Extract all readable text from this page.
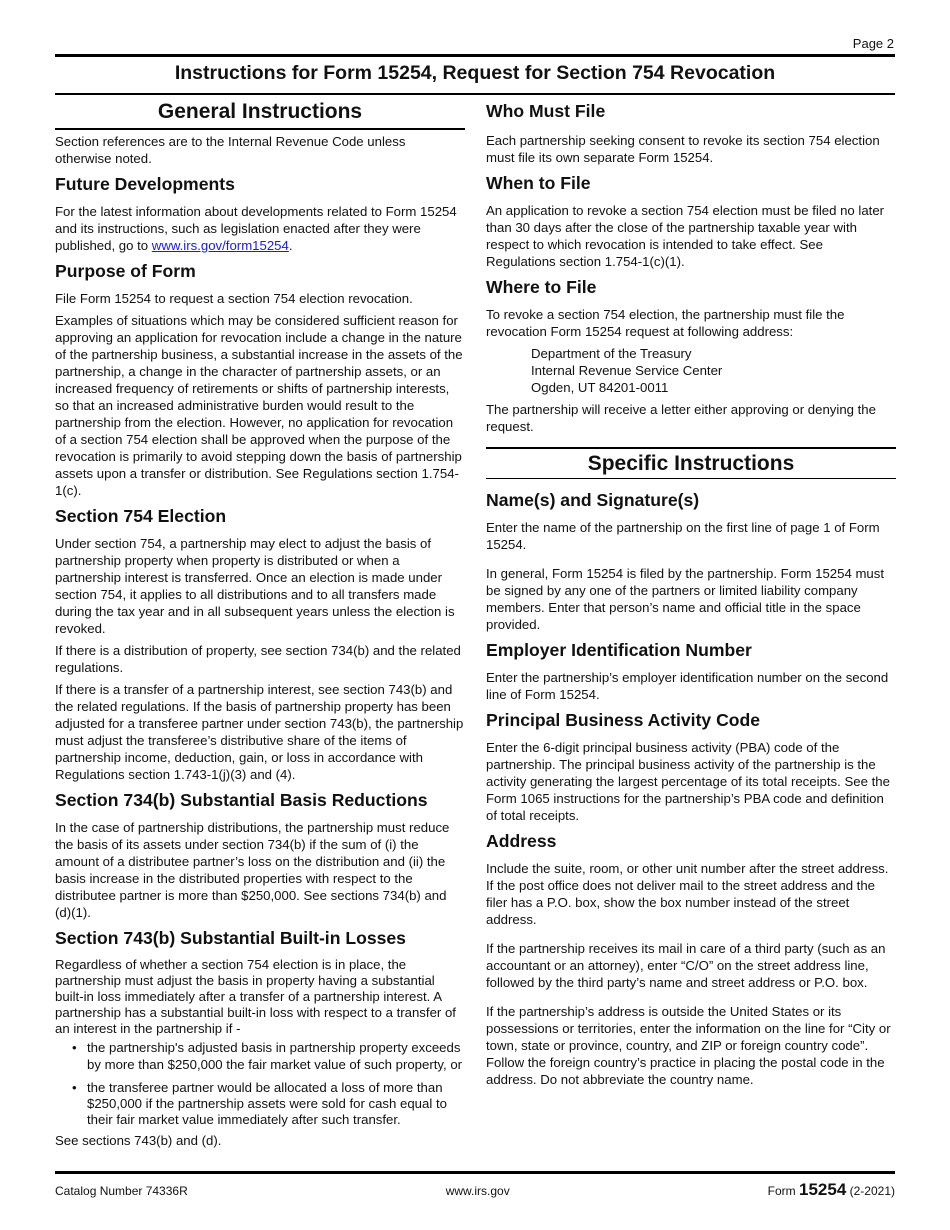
Page 2
Instructions for Form 15254, Request for Section 754 Revocation
General Instructions

Section references are to the Internal Revenue Code unless otherwise noted.

Future Developments

For the latest information about developments related to Form 15254 and its instructions, such as legislation enacted after they were published, go to www.irs.gov/form15254.

Purpose of Form

File Form 15254 to request a section 754 election revocation.

Examples of situations which may be considered sufficient reason for approving an application for revocation include a change in the nature of the partnership business, a substantial increase in the assets of the partnership, a change in the character of partnership assets, or an increased frequency of retirements or shifts of partnership interests, so that an increased administrative burden would result to the partnership from the election. However, no application for revocation of a section 754 election shall be approved when the purpose of the revocation is primarily to avoid stepping down the basis of partnership assets upon a transfer or distribution. See Regulations section 1.754-1(c).

Section 754 Election

Under section 754, a partnership may elect to adjust the basis of partnership property when property is distributed or when a partnership interest is transferred. Once an election is made under section 754, it applies to all distributions and to all transfers made during the tax year and in all subsequent years unless the election is revoked.

If there is a distribution of property, see section 734(b) and the related regulations.

If there is a transfer of a partnership interest, see section 743(b) and the related regulations. If the basis of partnership property has been adjusted for a transferee partner under section 743(b), the partnership must adjust the transferee’s distributive share of the items of partnership income, deduction, gain, or loss in accordance with Regulations section 1.743-1(j)(3) and (4).

Section 734(b) Substantial Basis Reductions

In the case of partnership distributions, the partnership must reduce the basis of its assets under section 734(b) if the sum of (i) the amount of a distributee partner’s loss on the distribution and (ii) the basis increase in the distributed properties with respect to the distributee partner is more than $250,000. See sections 734(b) and (d)(1).

Section 743(b) Substantial Built-in Losses

Regardless of whether a section 754 election is in place, the partnership must adjust the basis in property having a substantial built-in loss immediately after a transfer of a partnership interest. A partnership has a substantial built-in loss with respect to a transfer of an interest in the partnership if -

• the partnership's adjusted basis in partnership property exceeds by more than $250,000 the fair market value of such property, or
• the transferee partner would be allocated a loss of more than $250,000 if the partnership assets were sold for cash equal to their fair market value immediately after such transfer.

See sections 743(b) and (d).

Who Must File

Each partnership seeking consent to revoke its section 754 election must file its own separate Form 15254.

When to File

An application to revoke a section 754 election must be filed no later than 30 days after the close of the partnership taxable year with respect to which revocation is intended to take effect. See Regulations section 1.754-1(c)(1).

Where to File

To revoke a section 754 election, the partnership must file the revocation Form 15254 request at following address:

Department of the Treasury
Internal Revenue Service Center
Ogden, UT 84201-0011

The partnership will receive a letter either approving or denying the request.

Specific Instructions
Name(s) and Signature(s)

Enter the name of the partnership on the first line of page 1 of Form 15254.

In general, Form 15254 is filed by the partnership. Form 15254 must be signed by any one of the partners or limited liability company members. Enter that person’s name and official title in the space provided.

Employer Identification Number

Enter the partnership’s employer identification number on the second line of Form 15254.

Principal Business Activity Code

Enter the 6-digit principal business activity (PBA) code of the partnership. The principal business activity of the partnership is the activity generating the largest percentage of its total receipts. See the Form 1065 instructions for the partnership’s PBA code and definition of total receipts.

Address

Include the suite, room, or other unit number after the street address. If the post office does not deliver mail to the street address and the filer has a P.O. box, show the box number instead of the street address.

If the partnership receives its mail in care of a third party (such as an accountant or an attorney), enter “C/O” on the street address line, followed by the third party’s name and street address or P.O. box.

If the partnership’s address is outside the United States or its possessions or territories, enter the information on the line for “City or town, state or province, country, and ZIP or foreign country code”. Follow the foreign country’s practice in placing the postal code in the address. Do not abbreviate the country name.

Catalog Number 74336R	www.irs.gov	Form 15254 (2-2021)
